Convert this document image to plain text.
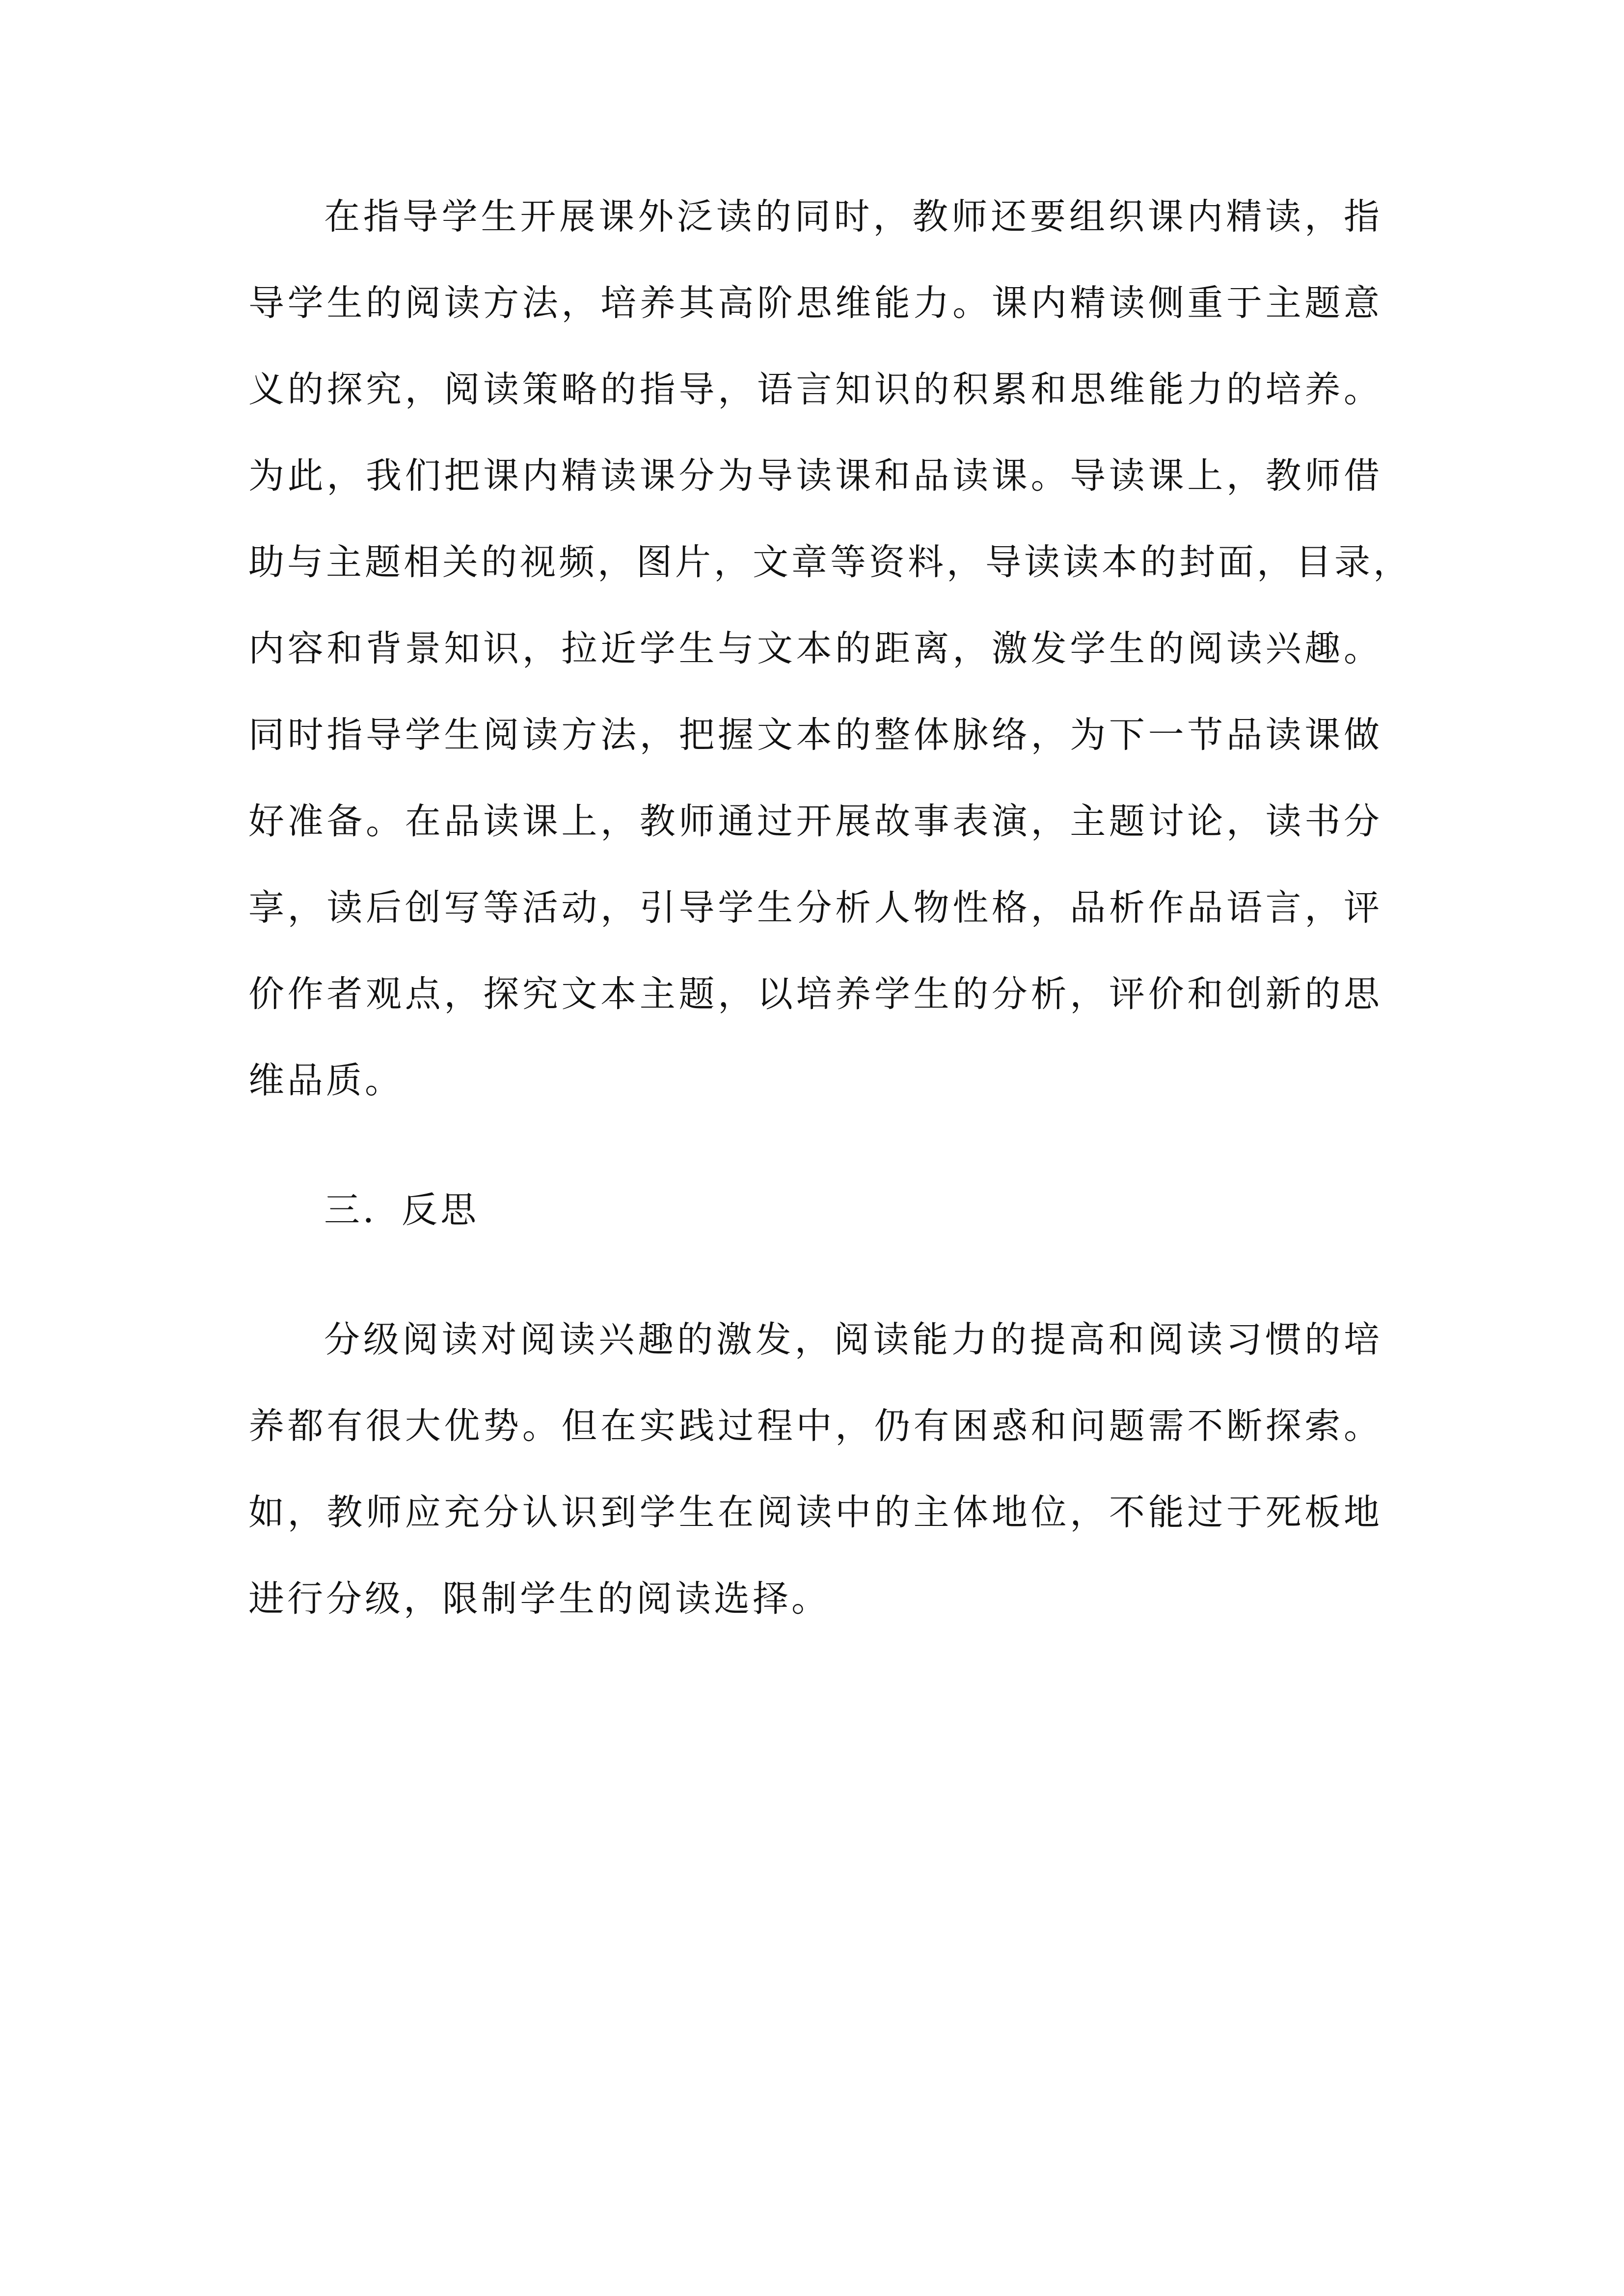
在指导学生开展课外泛读的同时，教师还要组织课内精读，指
导学生的阅读方法，培养其高阶思维能力。课内精读侧重于主题意
义的探究，阅读策略的指导，语言知识的积累和思维能力的培养。
为此，我们把课内精读课分为导读课和品读课。导读课上，教师借
助与主题相关的视频，图片，文章等资料，导读读本的封面，目录，
内容和背景知识，拉近学生与文本的距离，激发学生的阅读兴趣。
同时指导学生阅读方法，把握文本的整体脉络，为下一节品读课做
好准备。在品读课上，教师通过开展故事表演，主题讨论，读书分
享，读后创写等活动，引导学生分析人物性格，品析作品语言，评
价作者观点，探究文本主题，以培养学生的分析，评价和创新的思
维品质。
三．反思
分级阅读对阅读兴趣的激发，阅读能力的提高和阅读习惯的培
养都有很大优势。但在实践过程中，仍有困惑和问题需不断探索。
如，教师应充分认识到学生在阅读中的主体地位，不能过于死板地
进行分级，限制学生的阅读选择。
